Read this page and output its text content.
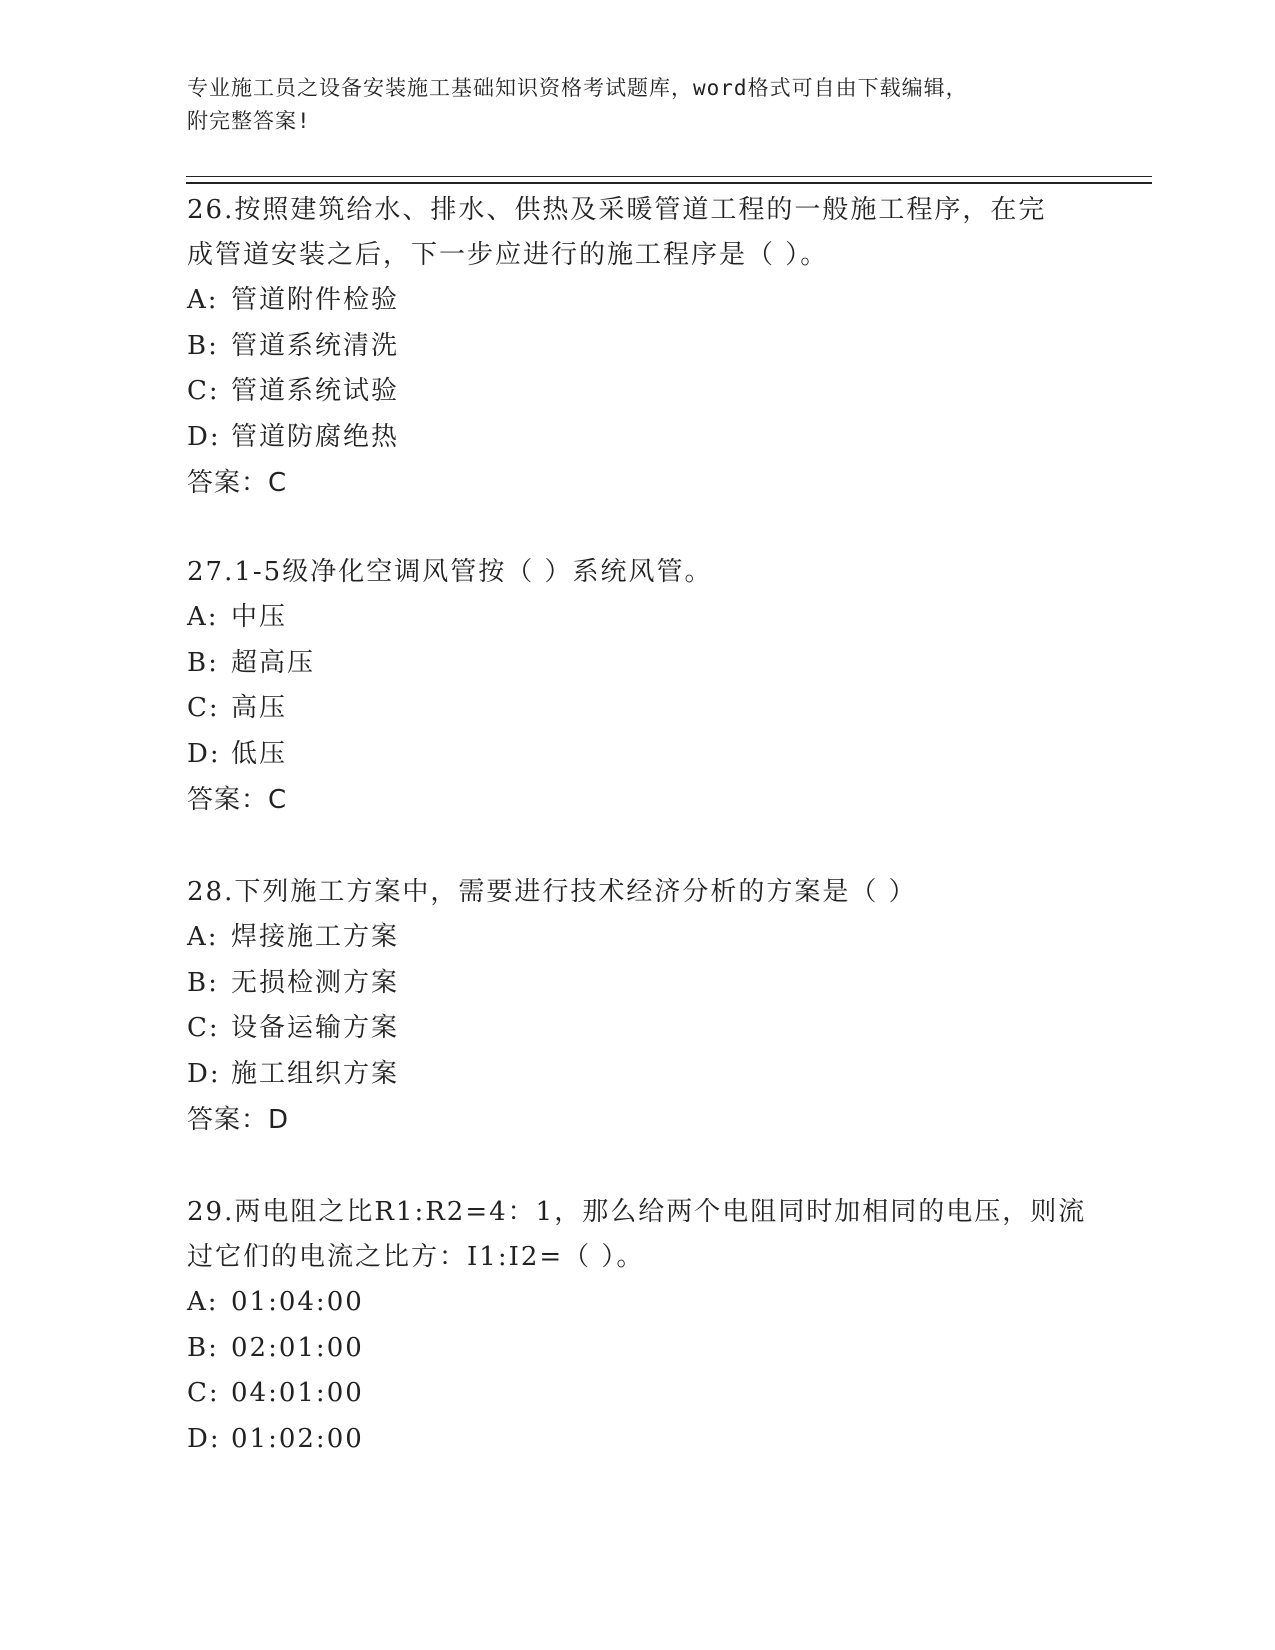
专业施工员之设备安装施工基础知识资格考试题库，word格式可自由下载编辑，
附完整答案!
26.按照建筑给水、排水、供热及采暖管道工程的一般施工程序，在完
成管道安装之后，下一步应进行的施工程序是（ ）。
A: 管道附件检验
B: 管道系统清洗
C: 管道系统试验
D: 管道防腐绝热
答案：C
27.1-5级净化空调风管按（ ）系统风管。
A: 中压
B: 超高压
C: 高压
D: 低压
答案：C
28.下列施工方案中，需要进行技术经济分析的方案是（ ）
A: 焊接施工方案
B: 无损检测方案
C: 设备运输方案
D: 施工组织方案
答案：D
29.两电阻之比R1:R2=4：1，那么给两个电阻同时加相同的电压，则流
过它们的电流之比方：I1:I2=（ ）。
A: 01:04:00
B: 02:01:00
C: 04:01:00
D: 01:02:00
